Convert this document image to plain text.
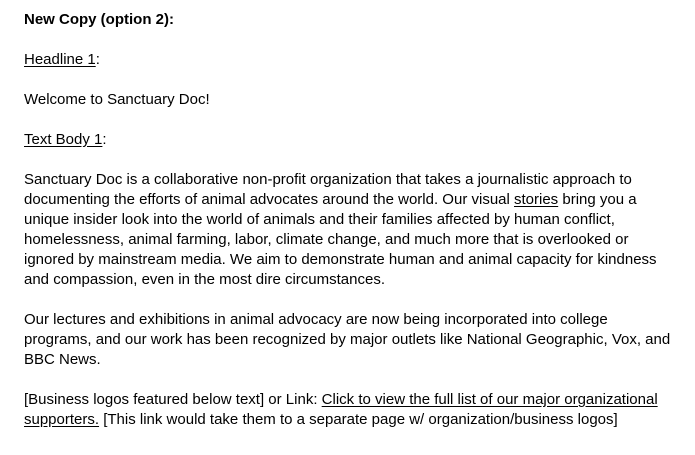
New Copy (option 2):

Headline 1:

Welcome to Sanctuary Doc!

Text Body 1:

Sanctuary Doc is a collaborative non-profit organization that takes a journalistic approach to documenting the efforts of animal advocates around the world. Our visual stories bring you a unique insider look into the world of animals and their families affected by human conflict, homelessness, animal farming, labor, climate change, and much more that is overlooked or ignored by mainstream media. We aim to demonstrate human and animal capacity for kindness and compassion, even in the most dire circumstances.

Our lectures and exhibitions in animal advocacy are now being incorporated into college programs, and our work has been recognized by major outlets like National Geographic, Vox, and BBC News.

[Business logos featured below text] or Link: Click to view the full list of our major organizational supporters. [This link would take them to a separate page w/ organization/business logos]
